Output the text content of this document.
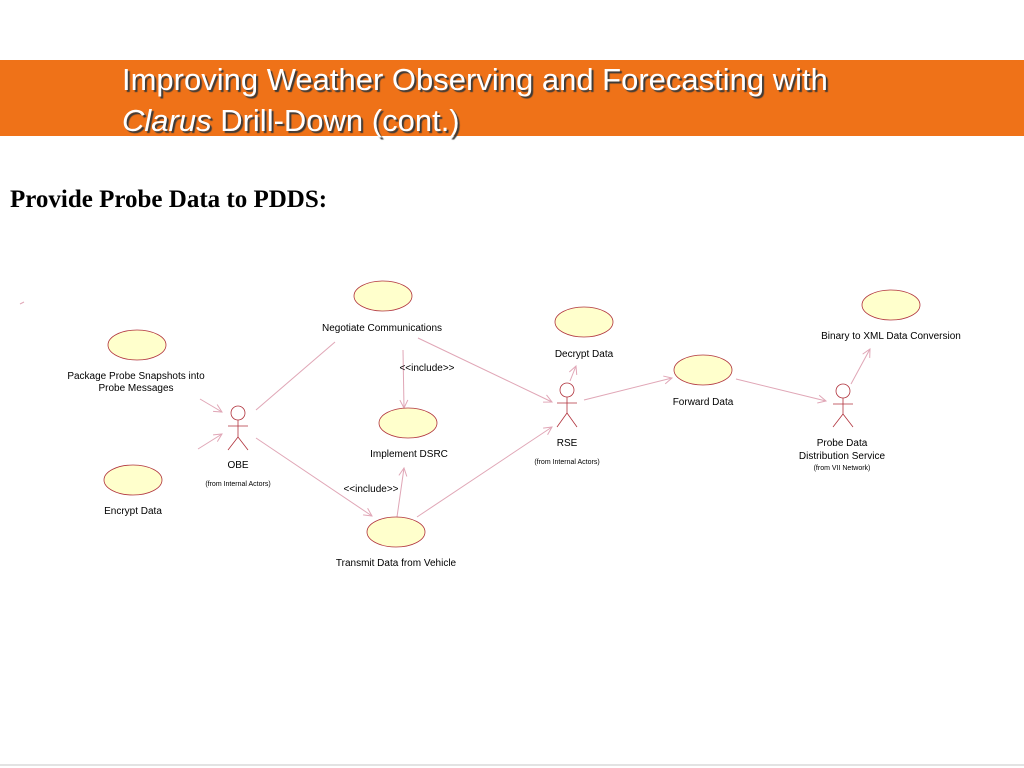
Improving Weather Observing and Forecasting with
Clarus Drill-Down (cont.)
Provide Probe Data to PDDS:
Negotiate Communications
Package Probe Snapshots into
Probe Messages
Encrypt Data
Implement DSRC
Transmit Data from Vehicle
Decrypt Data
Forward Data
Binary to XML Data Conversion
OBE
(from Internal Actors)
RSE
(from Internal Actors)
Probe Data
Distribution Service
(from VII Network)
<<include>>
<<include>>
